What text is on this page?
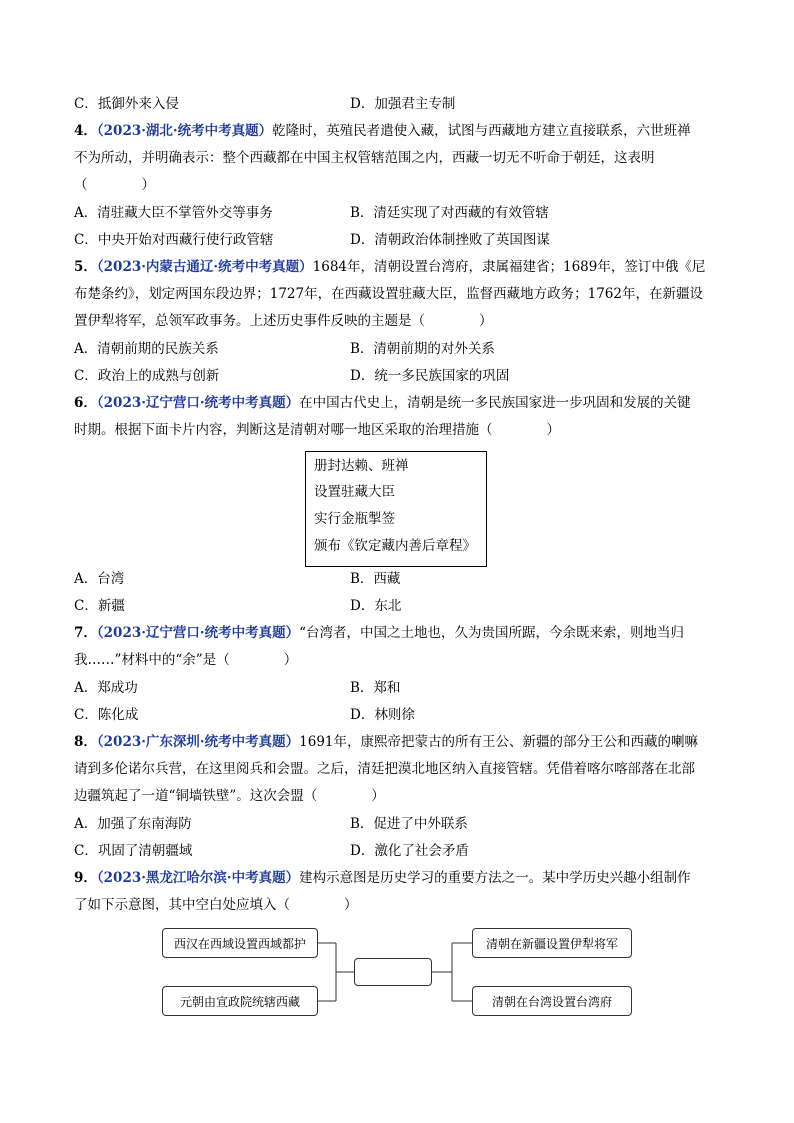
C．抵御外来入侵	D．加强君主专制
4．（2023·湖北·统考中考真题）乾隆时，英殖民者遣使入藏，试图与西藏地方建立直接联系，六世班禅
不为所动，并明确表示：整个西藏都在中国主权管辖范围之内，西藏一切无不听命于朝廷，这表明
（　　　　）
A．清驻藏大臣不掌管外交等事务	B．清廷实现了对西藏的有效管辖
C．中央开始对西藏行使行政管辖	D．清朝政治体制挫败了英国图谋
5．（2023·内蒙古通辽·统考中考真题）1684年，清朝设置台湾府，隶属福建省；1689年，签订中俄《尼
布楚条约》，划定两国东段边界；1727年，在西藏设置驻藏大臣，监督西藏地方政务；1762年，在新疆设
置伊犁将军，总领军政事务。上述历史事件反映的主题是（　　　　）
A．清朝前期的民族关系	B．清朝前期的对外关系
C．政治上的成熟与创新	D．统一多民族国家的巩固
6．（2023·辽宁营口·统考中考真题）在中国古代史上，清朝是统一多民族国家进一步巩固和发展的关键
时期。根据下面卡片内容，判断这是清朝对哪一地区采取的治理措施（　　　　）
册封达赖、班禅
设置驻藏大臣
实行金瓶掣签
颁布《钦定藏内善后章程》
A．台湾	B．西藏
C．新疆	D．东北
7．（2023·辽宁营口·统考中考真题）“台湾者，中国之土地也，久为贵国所踞，今余既来索，则地当归
我……”材料中的“余”是（　　　　）
A．郑成功	B．郑和
C．陈化成	D．林则徐
8．（2023·广东深圳·统考中考真题）1691年，康熙帝把蒙古的所有王公、新疆的部分王公和西藏的喇嘛
请到多伦诺尔兵营，在这里阅兵和会盟。之后，清廷把漠北地区纳入直接管辖。凭借着喀尔喀部落在北部
边疆筑起了一道“铜墙铁壁”。这次会盟（　　　　）
A．加强了东南海防	B．促进了中外联系
C．巩固了清朝疆域	D．激化了社会矛盾
9．（2023·黑龙江哈尔滨·中考真题）建构示意图是历史学习的重要方法之一。某中学历史兴趣小组制作
了如下示意图，其中空白处应填入（　　　　）
西汉在西域设置西域都护
元朝由宣政院统辖西藏
清朝在新疆设置伊犁将军
清朝在台湾设置台湾府
